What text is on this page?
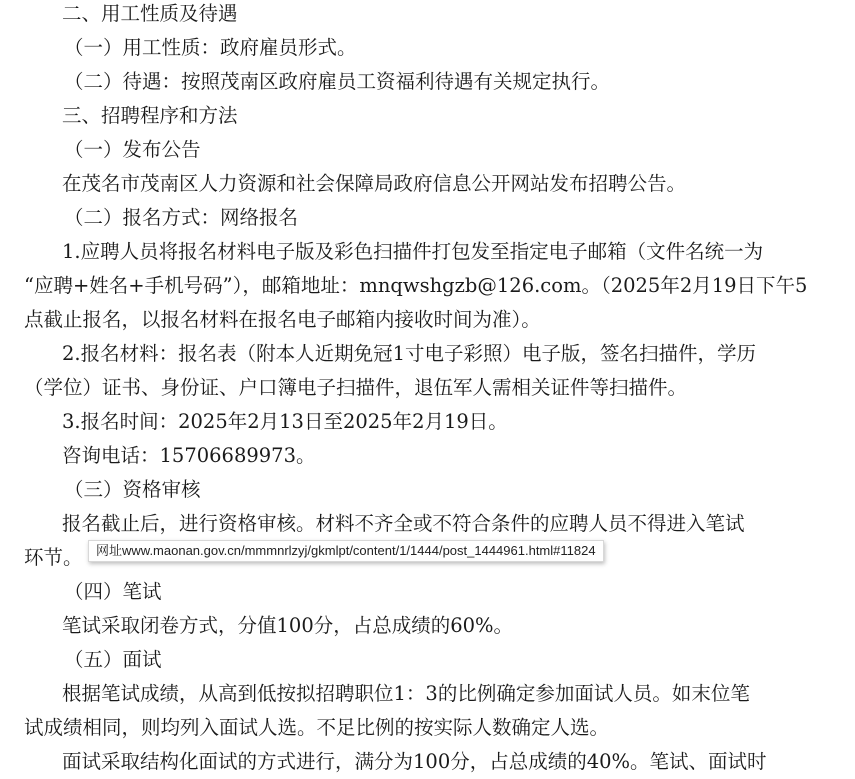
二、用工性质及待遇
（一）用工性质：政府雇员形式。
（二）待遇：按照茂南区政府雇员工资福利待遇有关规定执行。
三、招聘程序和方法
（一）发布公告
在茂名市茂南区人力资源和社会保障局政府信息公开网站发布招聘公告。
（二）报名方式：网络报名
1.应聘人员将报名材料电子版及彩色扫描件打包发至指定电子邮箱（文件名统一为
“应聘+姓名+手机号码”），邮箱地址：mnqwshgzb@126.com。（2025年2月19日下午5
点截止报名，以报名材料在报名电子邮箱内接收时间为准）。
2.报名材料：报名表（附本人近期免冠1寸电子彩照）电子版，签名扫描件，学历
（学位）证书、身份证、户口簿电子扫描件，退伍军人需相关证件等扫描件。
3.报名时间：2025年2月13日至2025年2月19日。
咨询电话：15706689973。
（三）资格审核
报名截止后，进行资格审核。材料不齐全或不符合条件的应聘人员不得进入笔试
环节。
（四）笔试
笔试采取闭卷方式，分值100分，占总成绩的60%。
（五）面试
根据笔试成绩，从高到低按拟招聘职位1：3的比例确定参加面试人员。如末位笔
试成绩相同，则均列入面试人选。不足比例的按实际人数确定人选。
面试采取结构化面试的方式进行，满分为100分，占总成绩的40%。笔试、面试时
网址www.maonan.gov.cn/mmmnrlzyj/gkmlpt/content/1/1444/post_1444961.html#11824
